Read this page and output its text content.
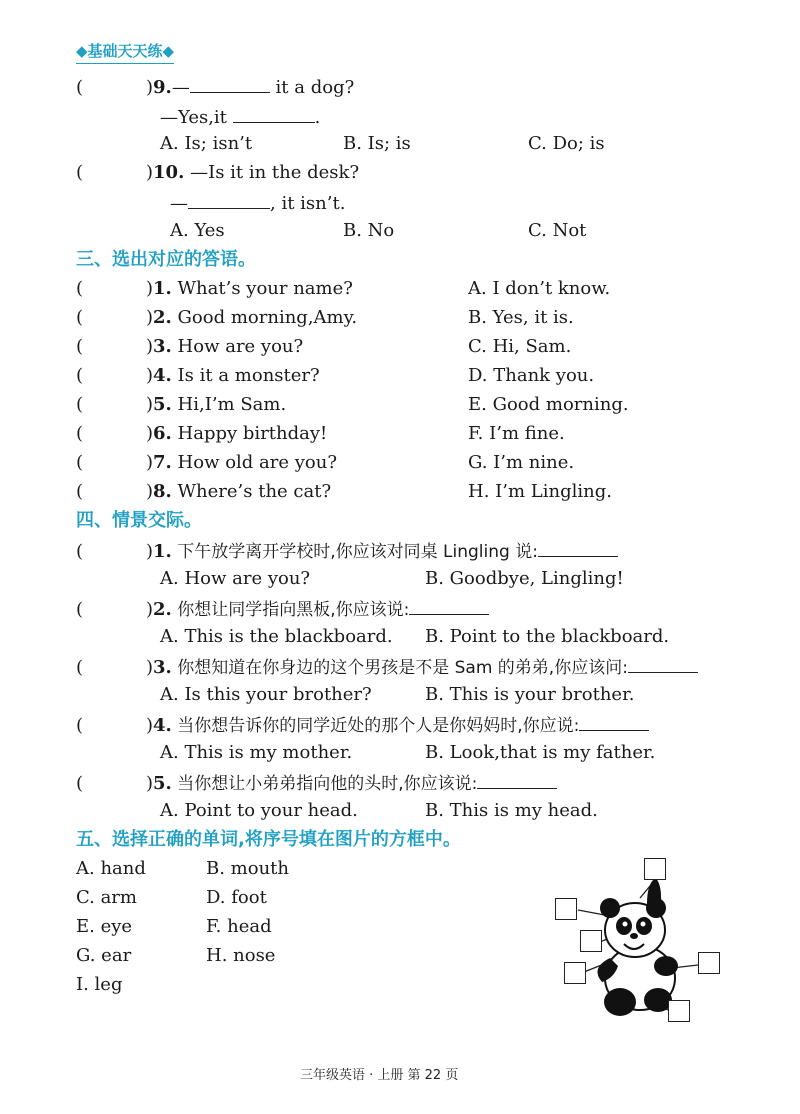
◆基础天天练◆
(	)9.—	it a dog?
—Yes,it	.
A. Is; isn’t	B. Is; is	C. Do; is
(	)10. —Is it in the desk?
—	, it isn’t.
A. Yes	B. No	C. Not
三、选出对应的答语。
(	)1. What’s your name?	A. I don’t know.
(	)2. Good morning,Amy.	B. Yes, it is.
(	)3. How are you?	C. Hi, Sam.
(	)4. Is it a monster?	D. Thank you.
(	)5. Hi,I’m Sam.	E. Good morning.
(	)6. Happy birthday!	F. I’m fine.
(	)7. How old are you?	G. I’m nine.
(	)8. Where’s the cat?	H. I’m Lingling.
四、情景交际。
(	)1. 下午放学离开学校时,你应该对同桌 Lingling 说:
A. How are you?	B. Goodbye, Lingling!
(	)2. 你想让同学指向黑板,你应该说:
A. This is the blackboard. B. Point to the blackboard.
(	)3. 你想知道在你身边的这个男孩是不是 Sam 的弟弟,你应该问:
A. Is this your brother?	B. This is your brother.
(	)4. 当你想告诉你的同学近处的那个人是你妈妈时,你应说:
A. This is my mother.	B. Look,that is my father.
(	)5. 当你想让小弟弟指向他的头时,你应该说:
A. Point to your head.	B. This is my head.
五、选择正确的单词,将序号填在图片的方框中。
A. hand	B. mouth
C. arm	D. foot
E. eye	F. head
G. ear	H. nose
I. leg
三年级英语 · 上册 第 22 页
